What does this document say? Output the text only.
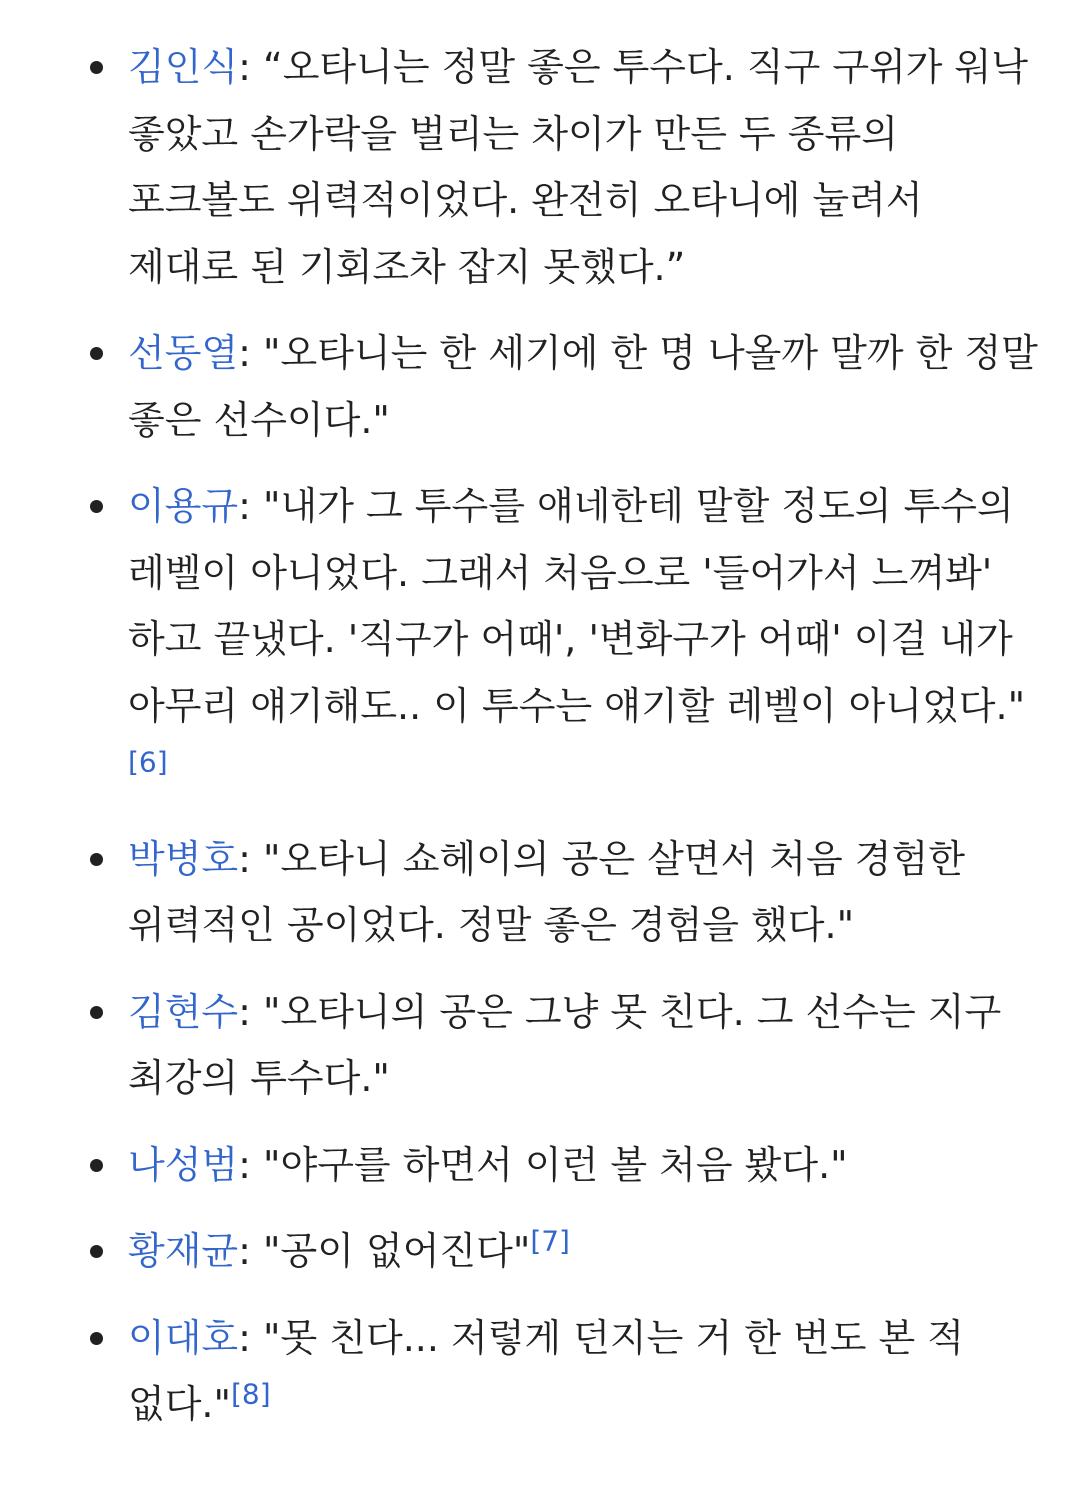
김인식: “오타니는 정말 좋은 투수다. 직구 구위가 워낙 좋았고 손가락을 벌리는 차이가 만든 두 종류의 포크볼도 위력적이었다. 완전히 오타니에 눌려서 제대로 된 기회조차 잡지 못했다.”
선동열: "오타니는 한 세기에 한 명 나올까 말까 한 정말 좋은 선수이다."
이용규: "내가 그 투수를 얘네한테 말할 정도의 투수의 레벨이 아니었다. 그래서 처음으로 '들어가서 느껴봐' 하고 끝냈다. '직구가 어때', '변화구가 어때' 이걸 내가 아무리 얘기해도.. 이 투수는 얘기할 레벨이 아니었다."[6]
박병호: "오타니 쇼헤이의 공은 살면서 처음 경험한 위력적인 공이었다. 정말 좋은 경험을 했다."
김현수: "오타니의 공은 그냥 못 친다. 그 선수는 지구 최강의 투수다."
나성범: "야구를 하면서 이런 볼 처음 봤다."
황재균: "공이 없어진다"[7]
이대호: "못 친다... 저렇게 던지는 거 한 번도 본 적 없다."[8]
